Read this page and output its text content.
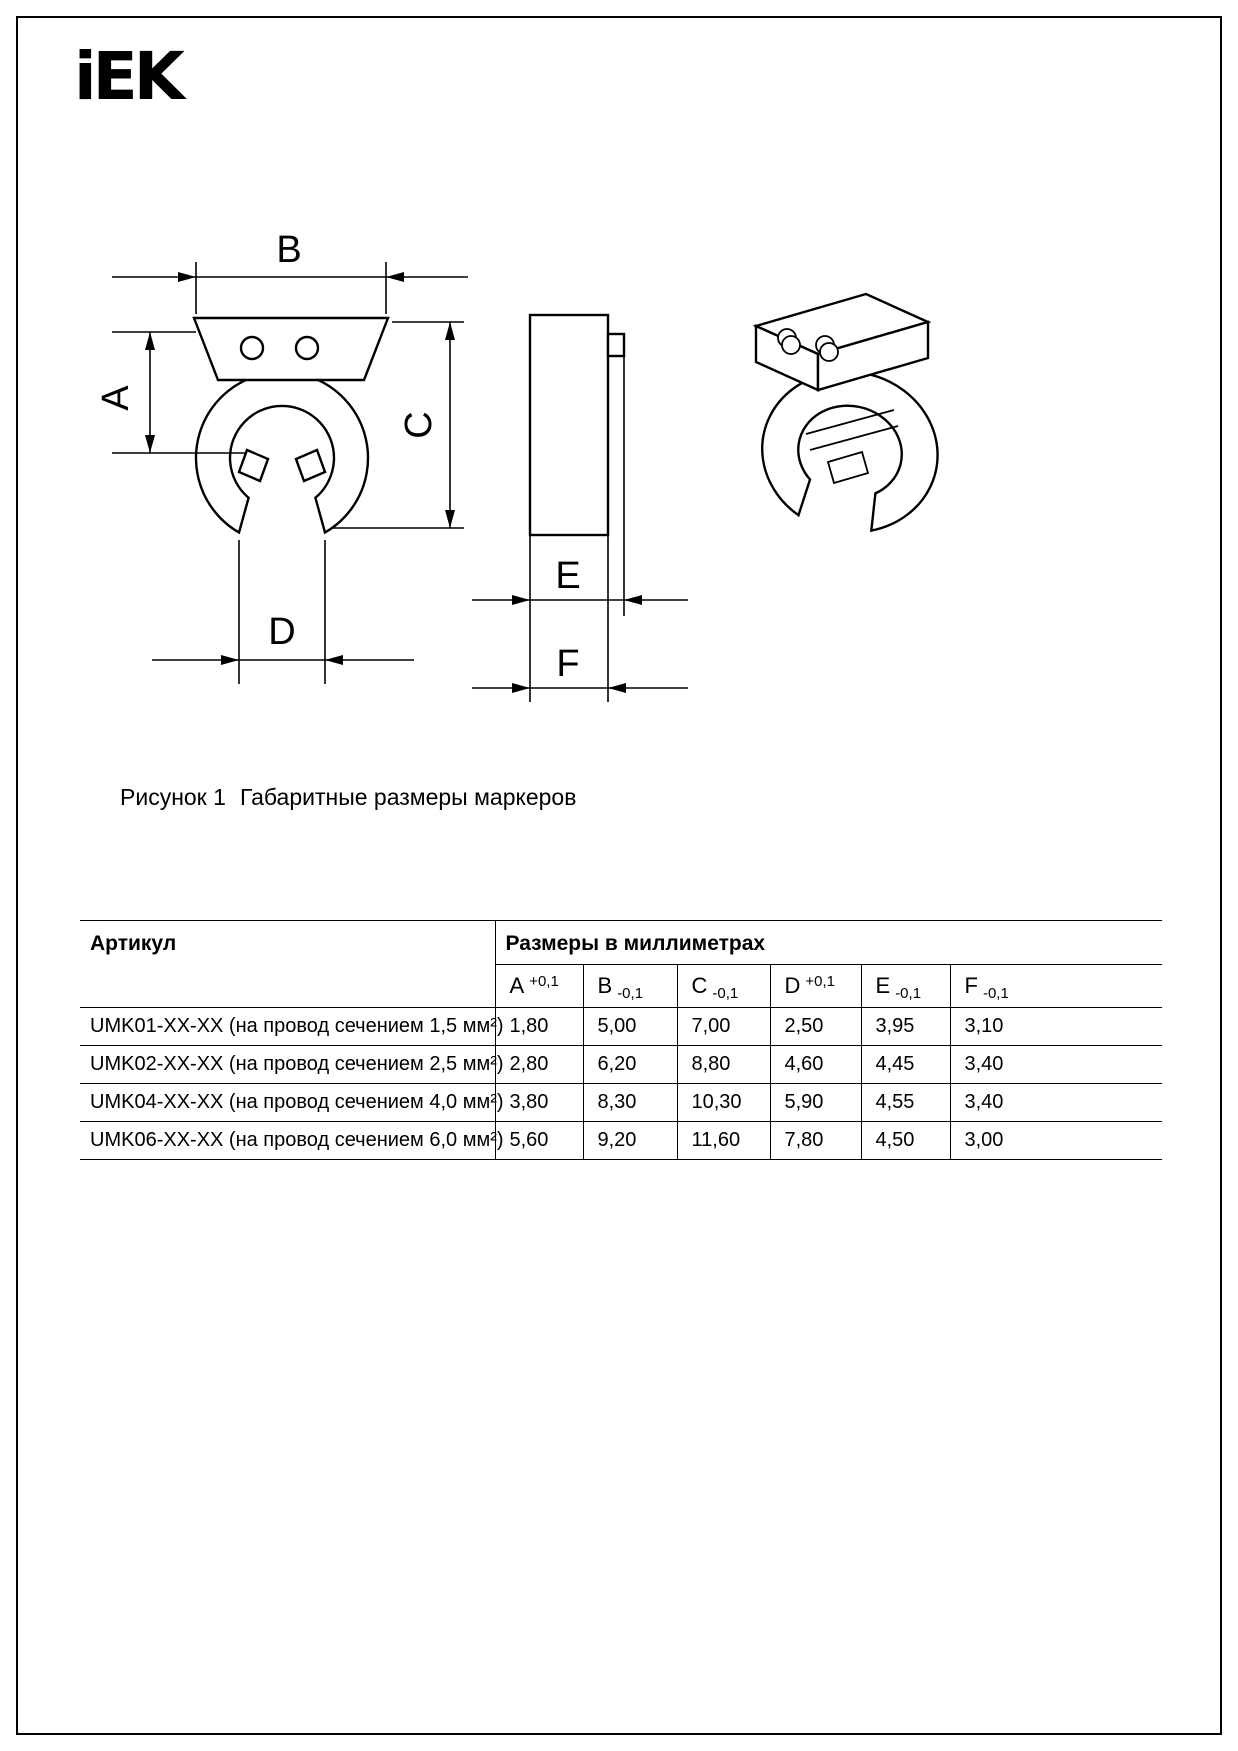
iEK
B
A
C
D
E
F
Рисунок 1 Габаритные размеры маркеров
Артикул	Размеры в миллиметрах					
	A $^{+0,1}$	B $_{-0,1}$	C $_{-0,1}$	D $^{+0,1}$	E $_{-0,1}$	F $_{-0,1}$
UMK01-XX-XX (на провод сечением 1,5 мм²)	1,80	5,00	7,00	2,50	3,95	3,10
UMK02-XX-XX (на провод сечением 2,5 мм²)	2,80	6,20	8,80	4,60	4,45	3,40
UMK04-XX-XX (на провод сечением 4,0 мм²)	3,80	8,30	10,30	5,90	4,55	3,40
UMK06-XX-XX (на провод сечением 6,0 мм²)	5,60	9,20	11,60	7,80	4,50	3,00
